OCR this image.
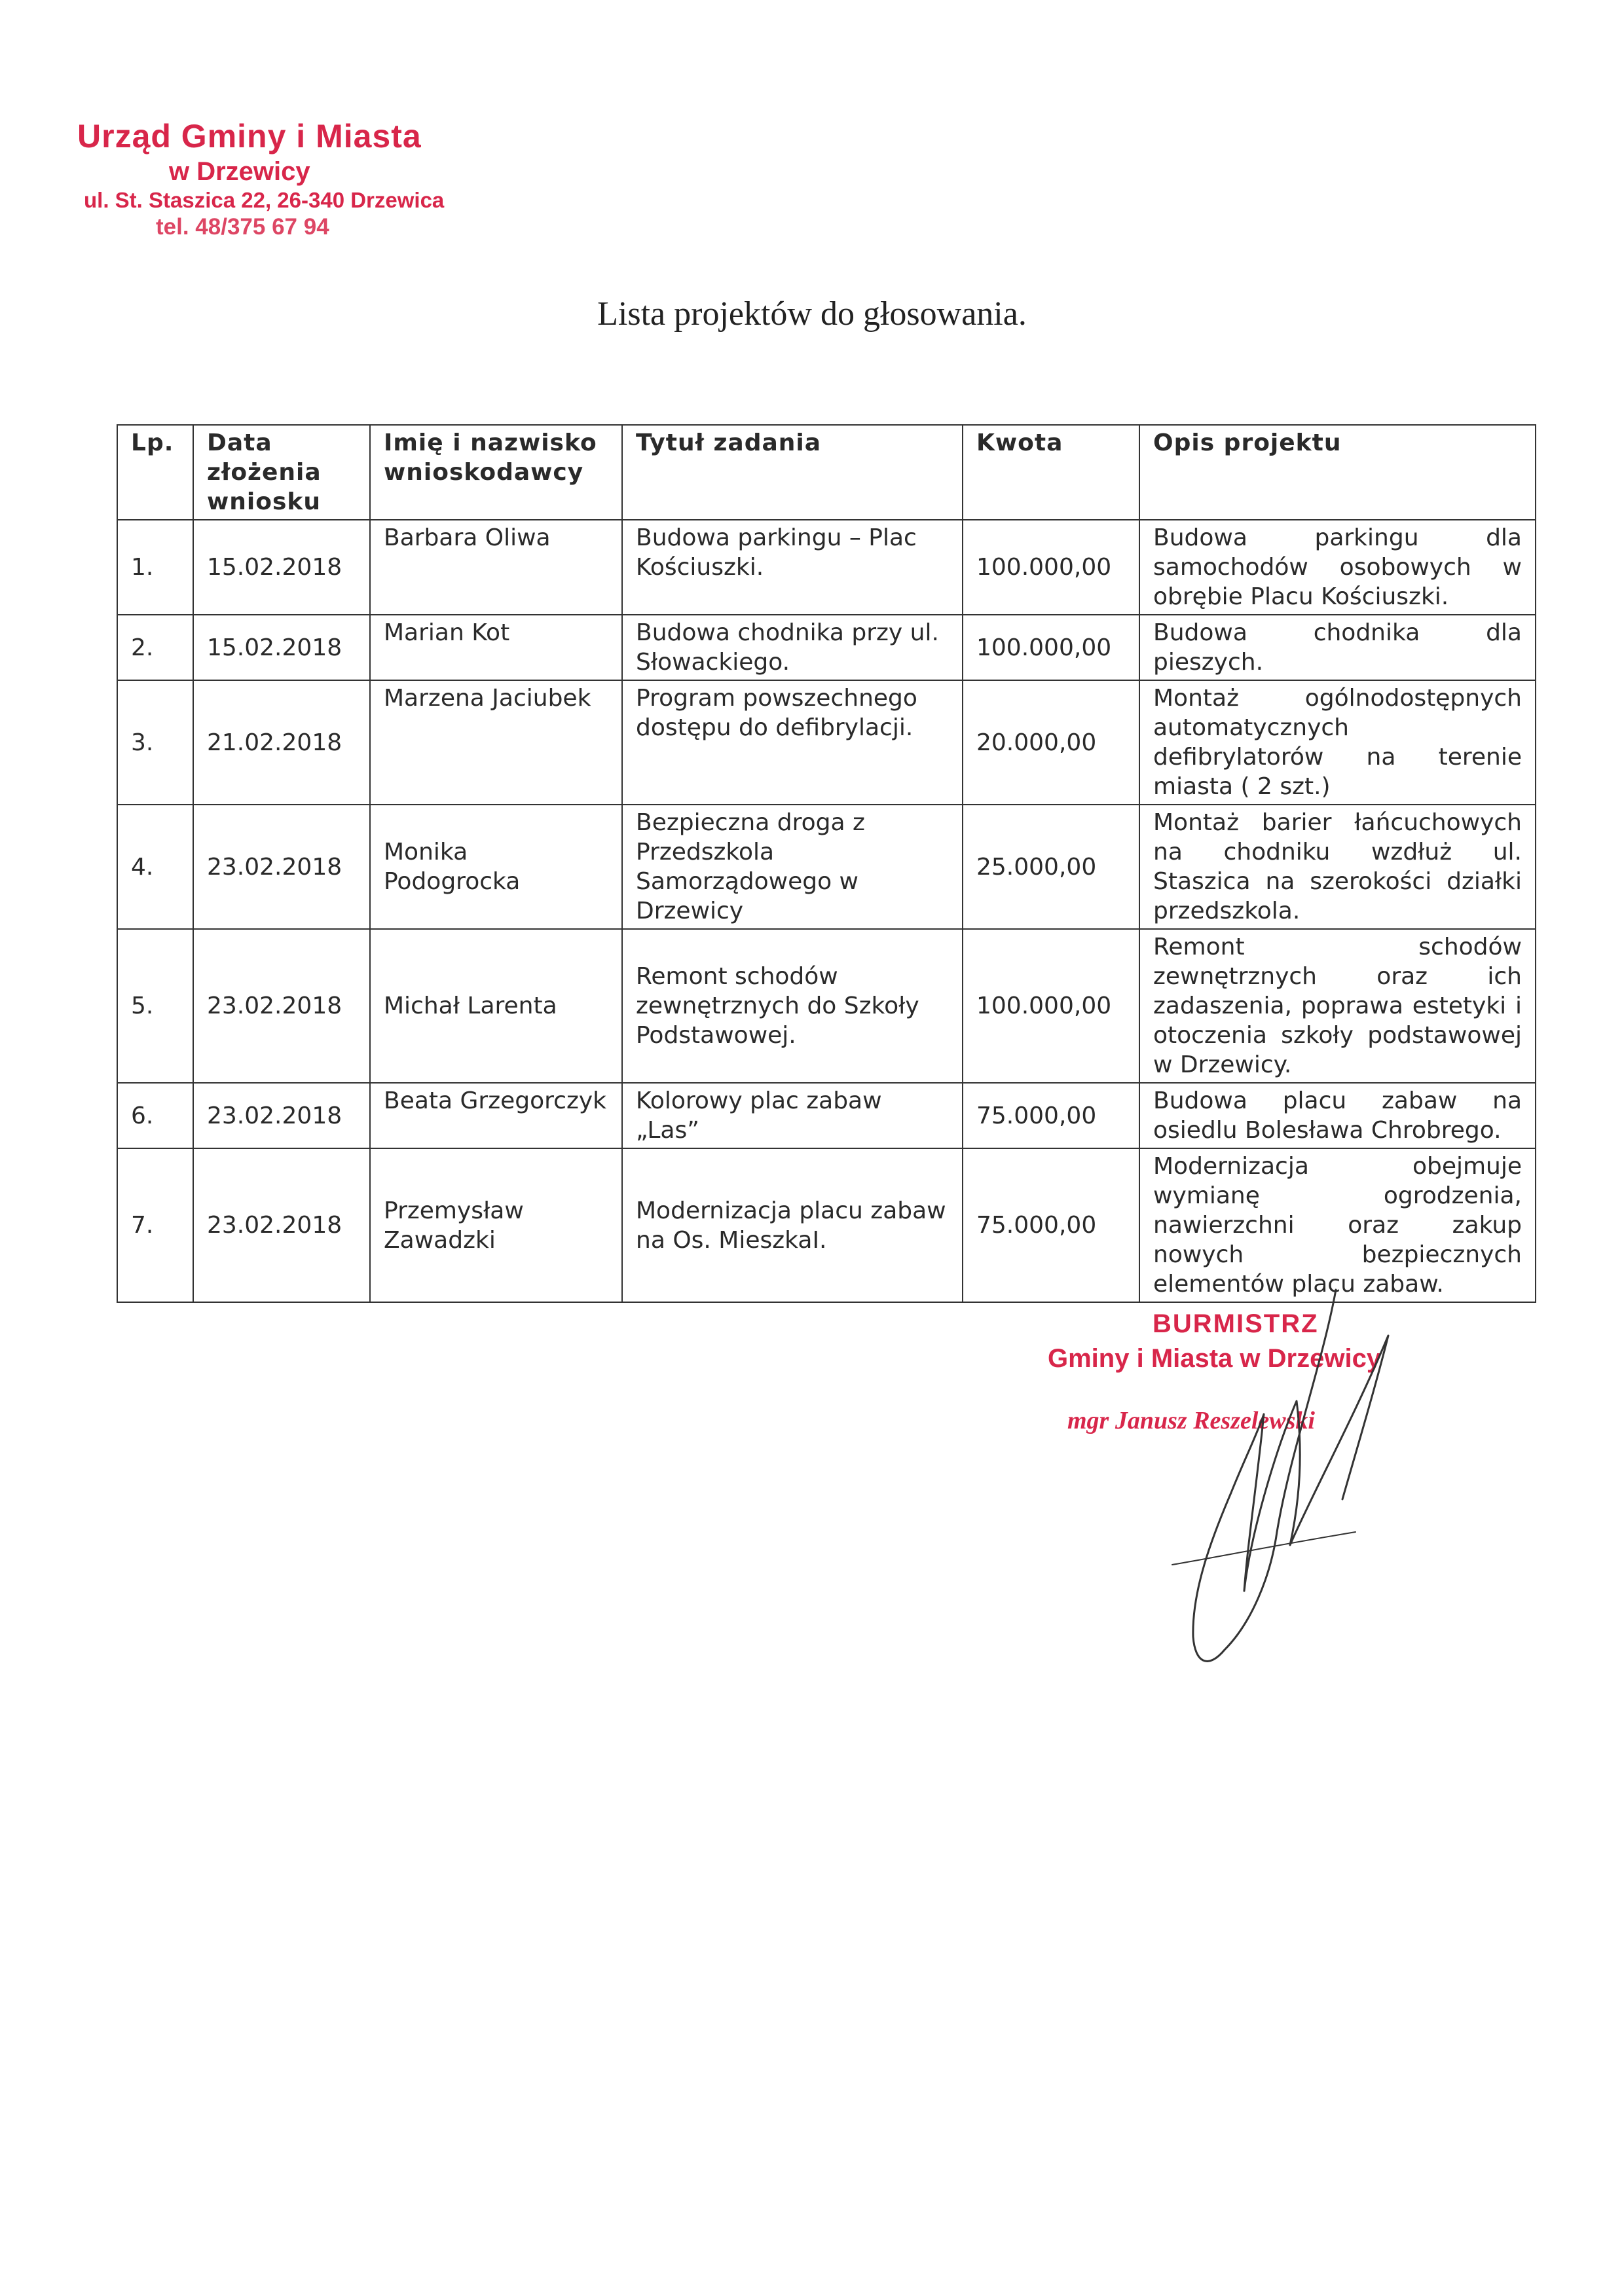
Urząd Gminy i Miasta
w Drzewicy
ul. St. Staszica 22, 26-340 Drzewica
tel. 48/375 67 94
Lista projektów do głosowania.
Lp.	Data złożenia wniosku	Imię i nazwisko wnioskodawcy	Tytuł zadania	Kwota	Opis projektu
1.	15.02.2018	Barbara Oliwa	Budowa parkingu – Plac Kościuszki.	100.000,00	Budowa parkingu dla samochodów osobowych w obrębie Placu Kościuszki.
2.	15.02.2018	Marian Kot	Budowa chodnika przy ul. Słowackiego.	100.000,00	Budowa chodnika dla pieszych.
3.	21.02.2018	Marzena Jaciubek	Program powszechnego dostępu do defibrylacji.	20.000,00	Montaż ogólnodostępnych automatycznych defibrylatorów na terenie miasta ( 2 szt.)
4.	23.02.2018	Monika Podogrocka	Bezpieczna droga z Przedszkola Samorządowego w Drzewicy	25.000,00	Montaż barier łańcuchowych na chodniku wzdłuż ul. Staszica na szerokości działki przedszkola.
5.	23.02.2018	Michał Larenta	Remont schodów zewnętrznych do Szkoły Podstawowej.	100.000,00	Remont schodów zewnętrznych oraz ich zadaszenia, poprawa estetyki i otoczenia szkoły podstawowej w Drzewicy.
6.	23.02.2018	Beata Grzegorczyk	Kolorowy plac zabaw „Las”	75.000,00	Budowa placu zabaw na osiedlu Bolesława Chrobrego.
7.	23.02.2018	Przemysław Zawadzki	Modernizacja placu zabaw na Os. MieszkaI.	75.000,00	Modernizacja obejmuje wymianę ogrodzenia, nawierzchni oraz zakup nowych bezpiecznych elementów placu zabaw.
BURMISTRZ
Gminy i Miasta w Drzewicy
mgr Janusz Reszelewski
